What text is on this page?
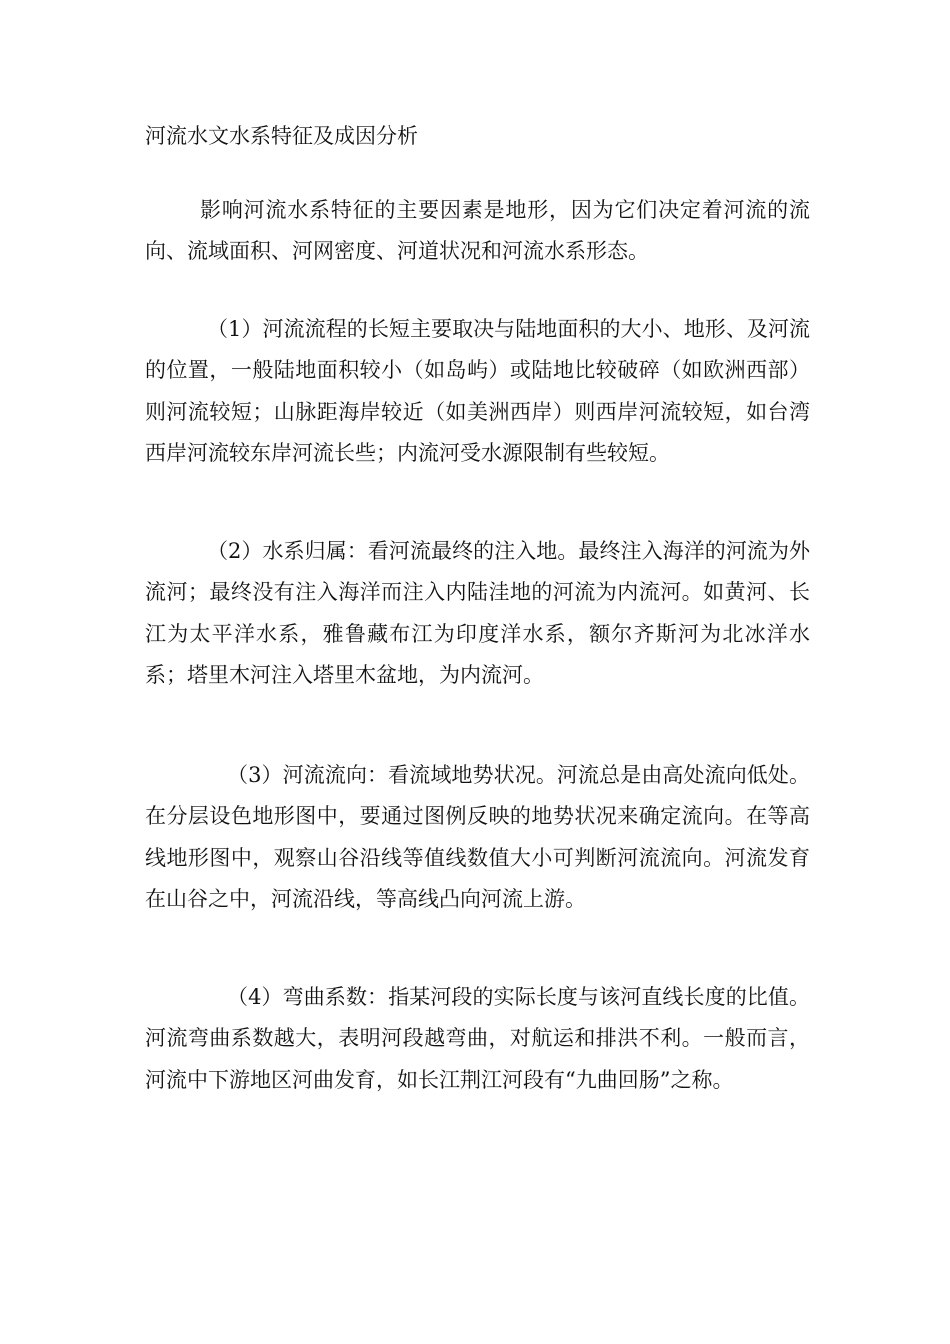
河流水文水系特征及成因分析

影响河流水系特征的主要因素是地形，因为它们决定着河流的流向、流域面积、河网密度、河道状况和河流水系形态。

（1）河流流程的长短主要取决与陆地面积的大小、地形、及河流的位置，一般陆地面积较小（如岛屿）或陆地比较破碎（如欧洲西部）则河流较短；山脉距海岸较近（如美洲西岸）则西岸河流较短，如台湾西岸河流较东岸河流长些；内流河受水源限制有些较短。

（2）水系归属：看河流最终的注入地。最终注入海洋的河流为外流河；最终没有注入海洋而注入内陆洼地的河流为内流河。如黄河、长江为太平洋水系，雅鲁藏布江为印度洋水系，额尔齐斯河为北冰洋水系；塔里木河注入塔里木盆地，为内流河。

（3）河流流向：看流域地势状况。河流总是由高处流向低处。在分层设色地形图中，要通过图例反映的地势状况来确定流向。在等高线地形图中，观察山谷沿线等值线数值大小可判断河流流向。河流发育在山谷之中，河流沿线，等高线凸向河流上游。

（4）弯曲系数：指某河段的实际长度与该河直线长度的比值。河流弯曲系数越大，表明河段越弯曲，对航运和排洪不利。一般而言，河流中下游地区河曲发育，如长江荆江河段有“九曲回肠”之称。
